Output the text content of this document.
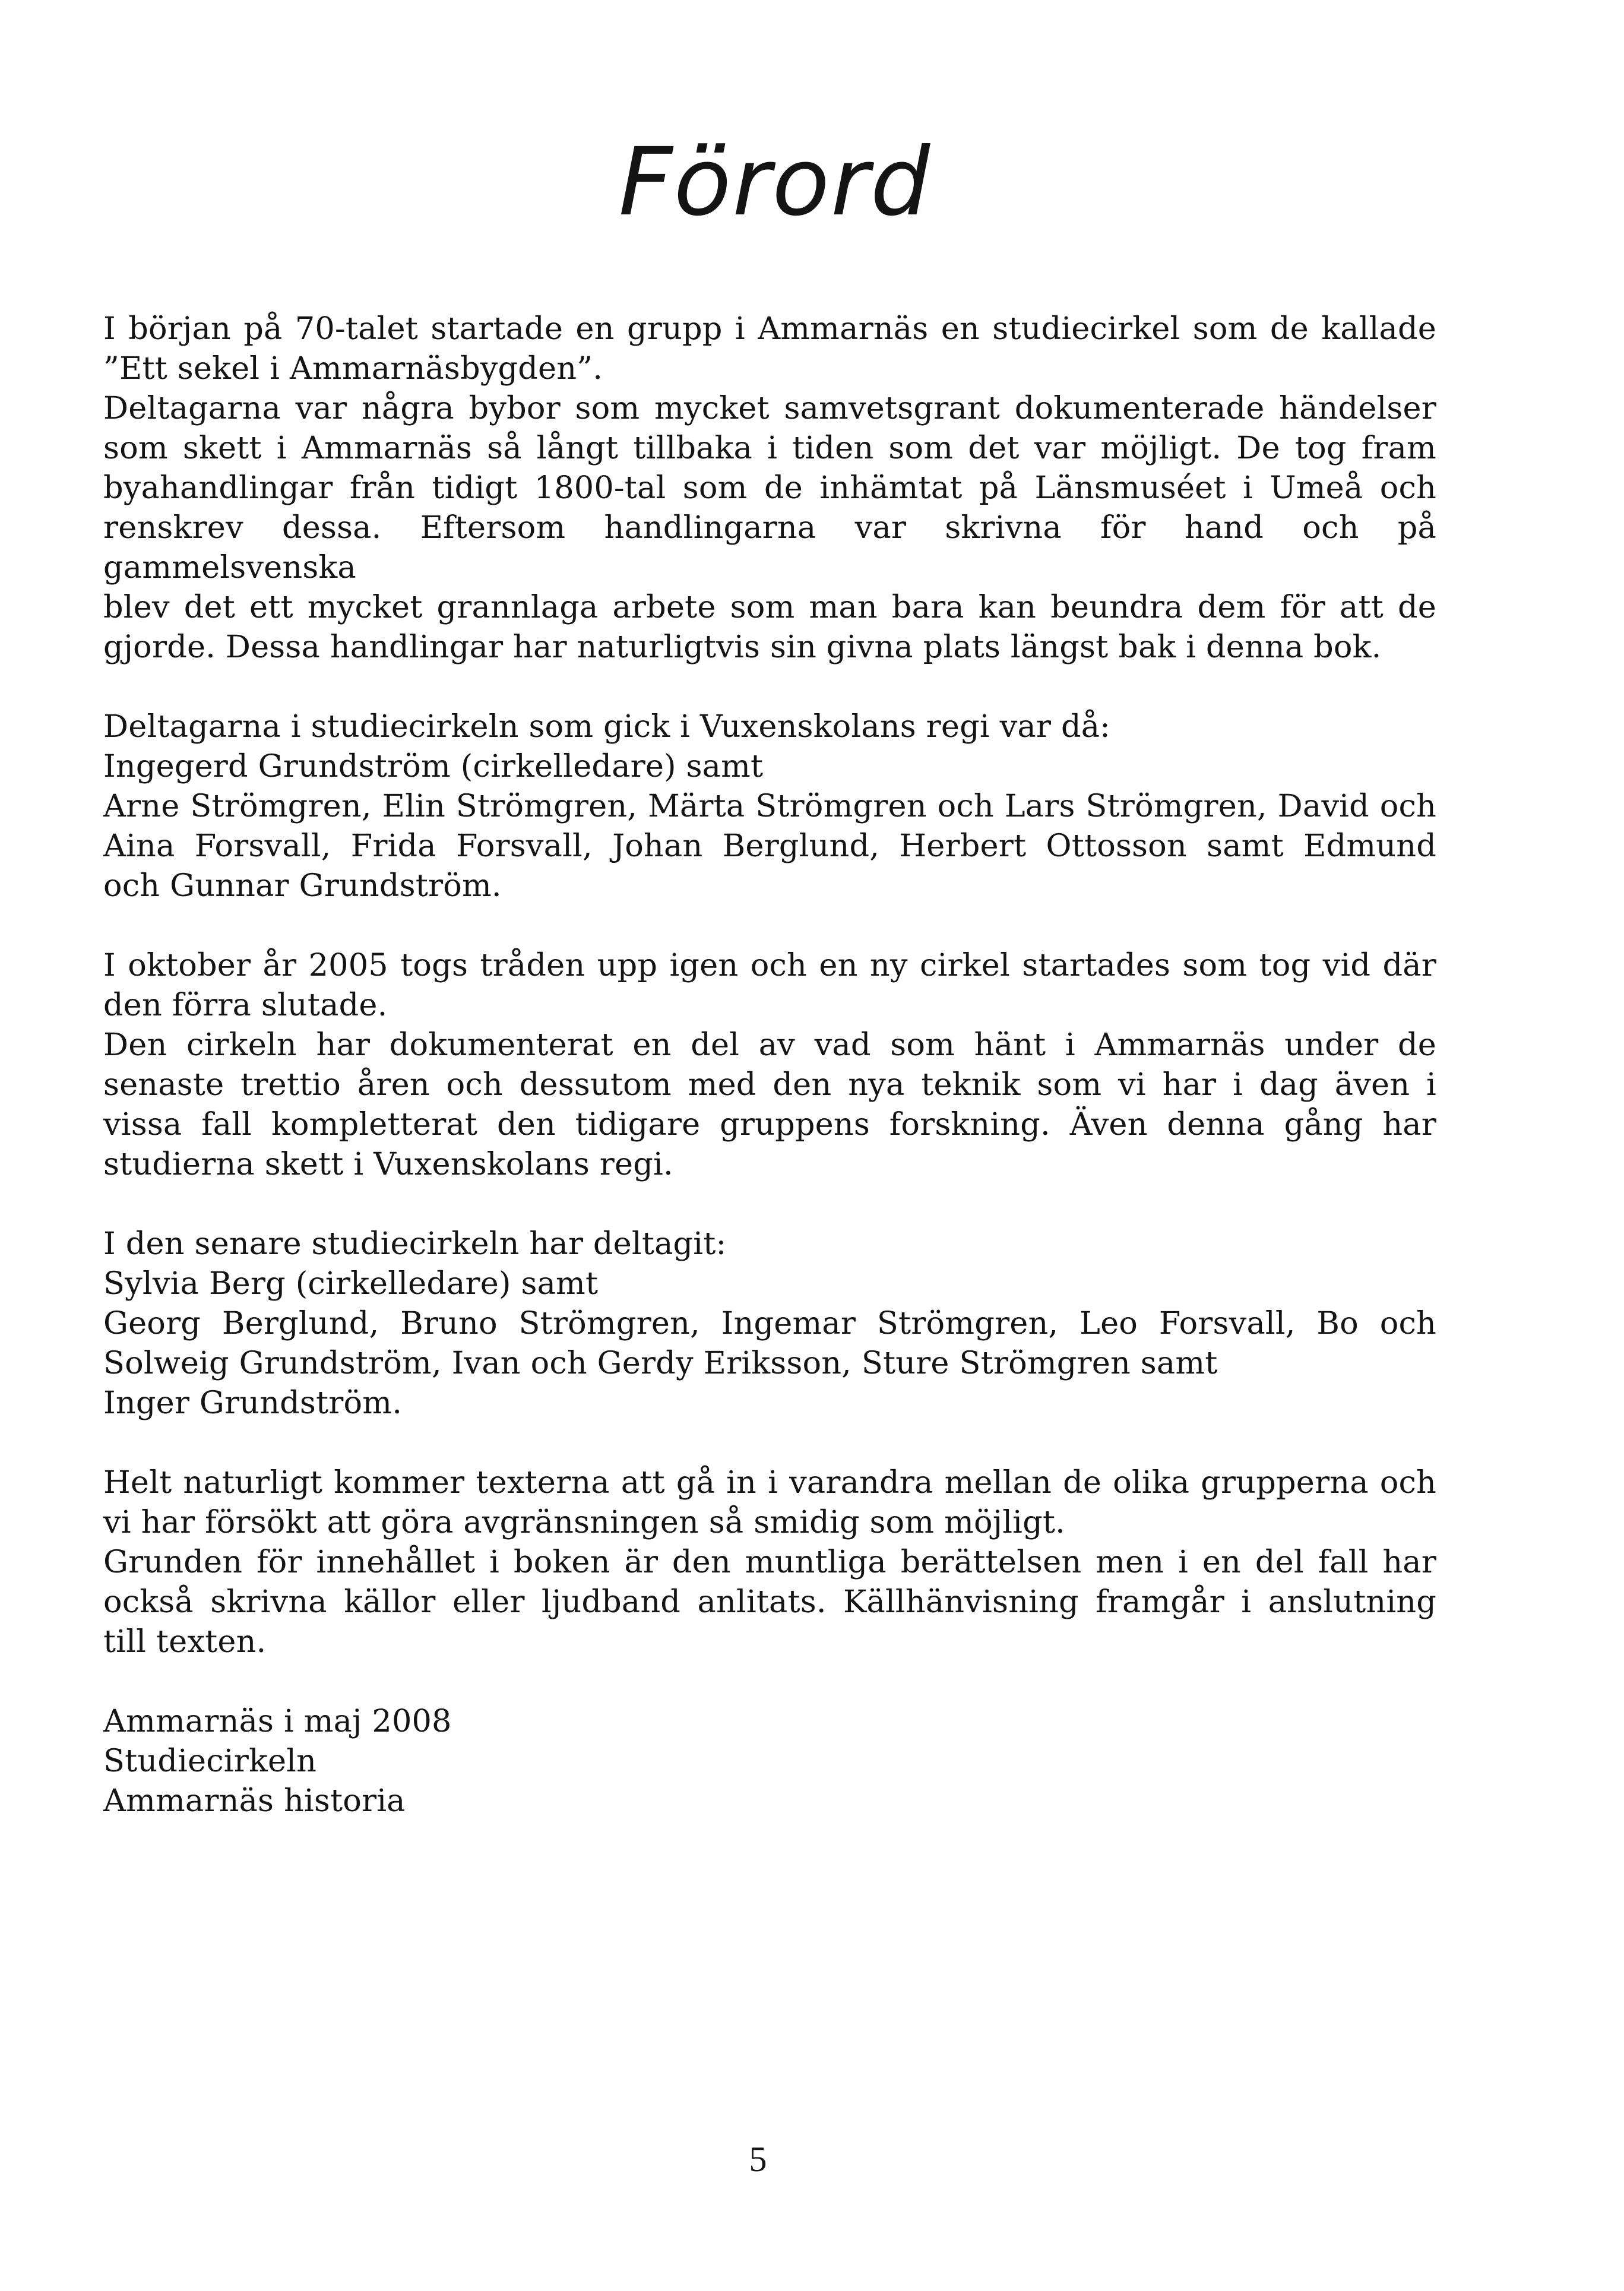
Förord
I början på 70-talet startade en grupp i Ammarnäs en studiecirkel som de kallade
”Ett sekel i Ammarnäsbygden”.
Deltagarna var några bybor som mycket samvetsgrant dokumenterade händelser
som skett i Ammarnäs så långt tillbaka i tiden som det var möjligt. De tog fram
byahandlingar från tidigt 1800-tal som de inhämtat på Länsmuséet i Umeå och
renskrev dessa. Eftersom handlingarna var skrivna för hand och på gammelsvenska
blev det ett mycket grannlaga arbete som man bara kan beundra dem för att de
gjorde. Dessa handlingar har naturligtvis sin givna plats längst bak i denna bok.
Deltagarna i studiecirkeln som gick i Vuxenskolans regi var då:
Ingegerd Grundström (cirkelledare) samt
Arne Strömgren, Elin Strömgren, Märta Strömgren och Lars Strömgren, David och
Aina Forsvall, Frida Forsvall, Johan Berglund, Herbert Ottosson samt Edmund
och Gunnar Grundström.
I oktober år 2005 togs tråden upp igen och en ny cirkel startades som tog vid där
den förra slutade.
Den cirkeln har dokumenterat en del av vad som hänt i Ammarnäs under de
senaste trettio åren och dessutom med den nya teknik som vi har i dag även i
vissa fall kompletterat den tidigare gruppens forskning. Även denna gång har
studierna skett i Vuxenskolans regi.
I den senare studiecirkeln har deltagit:
Sylvia Berg (cirkelledare) samt
Georg Berglund, Bruno Strömgren, Ingemar Strömgren, Leo Forsvall, Bo och
Solweig Grundström, Ivan och Gerdy Eriksson, Sture Strömgren samt
Inger Grundström.
Helt naturligt kommer texterna att gå in i varandra mellan de olika grupperna och
vi har försökt att göra avgränsningen så smidig som möjligt.
Grunden för innehållet i boken är den muntliga berättelsen men i en del fall har
också skrivna källor eller ljudband anlitats. Källhänvisning framgår i anslutning
till texten.
Ammarnäs i maj 2008
Studiecirkeln
Ammarnäs historia
5
